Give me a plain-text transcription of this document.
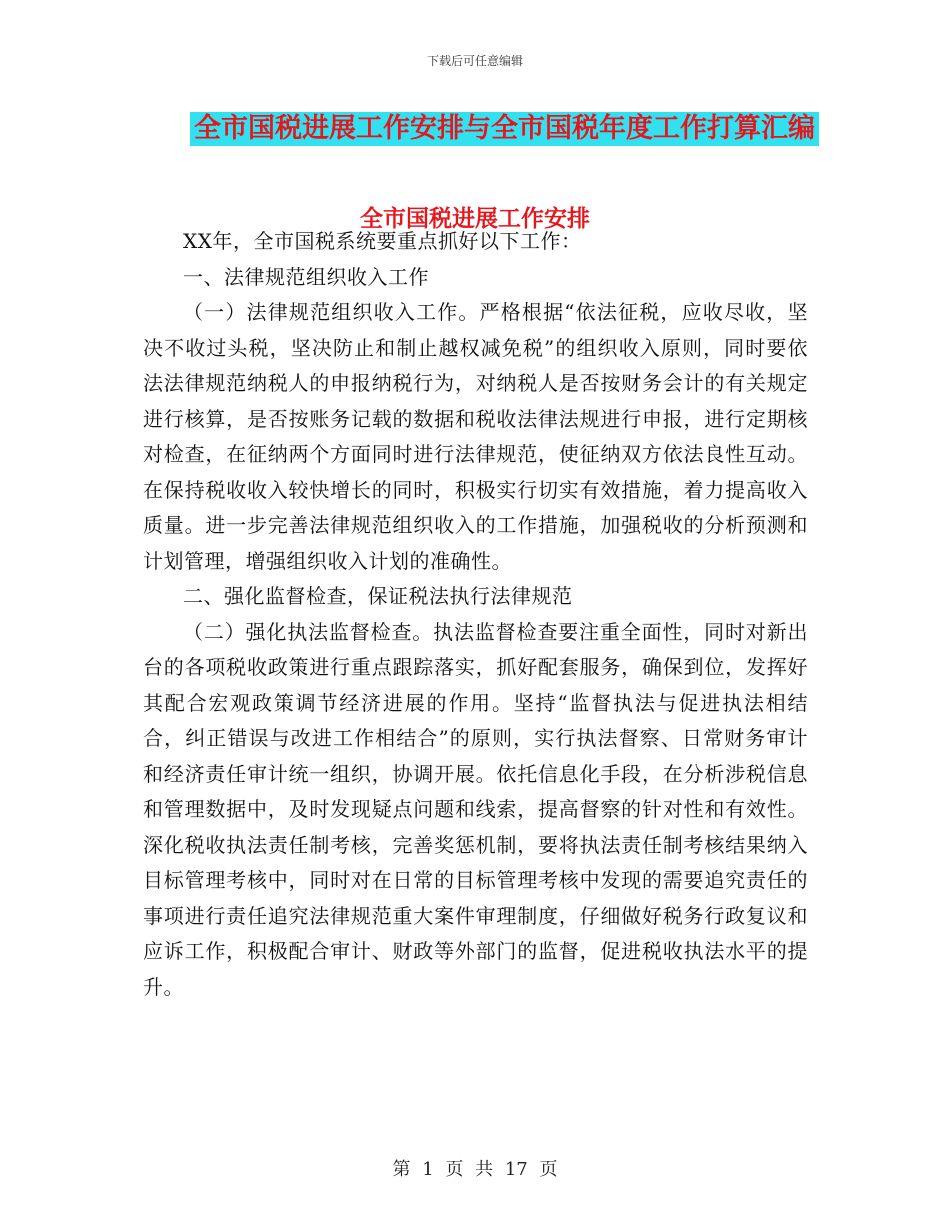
下载后可任意编辑
全市国税进展工作安排与全市国税年度工作打算汇编
全市国税进展工作安排

XX年，全市国税系统要重点抓好以下工作：

一、法律规范组织收入工作

（一）法律规范组织收入工作。严格根据“依法征税，应收尽收，坚决不收过头税，坚决防止和制止越权减免税”的组织收入原则，同时要依法法律规范纳税人的申报纳税行为，对纳税人是否按财务会计的有关规定进行核算，是否按账务记载的数据和税收法律法规进行申报，进行定期核对检查，在征纳两个方面同时进行法律规范，使征纳双方依法良性互动。在保持税收收入较快增长的同时，积极实行切实有效措施，着力提高收入质量。进一步完善法律规范组织收入的工作措施，加强税收的分析预测和计划管理，增强组织收入计划的准确性。

二、强化监督检查，保证税法执行法律规范

（二）强化执法监督检查。执法监督检查要注重全面性，同时对新出台的各项税收政策进行重点跟踪落实，抓好配套服务，确保到位，发挥好其配合宏观政策调节经济进展的作用。坚持“监督执法与促进执法相结合，纠正错误与改进工作相结合”的原则，实行执法督察、日常财务审计和经济责任审计统一组织，协调开展。依托信息化手段，在分析涉税信息和管理数据中，及时发现疑点问题和线索，提高督察的针对性和有效性。深化税收执法责任制考核，完善奖惩机制，要将执法责任制考核结果纳入目标管理考核中，同时对在日常的目标管理考核中发现的需要追究责任的事项进行责任追究法律规范重大案件审理制度，仔细做好税务行政复议和应诉工作，积极配合审计、财政等外部门的监督，促进税收执法水平的提升。

第 1 页 共 17 页
